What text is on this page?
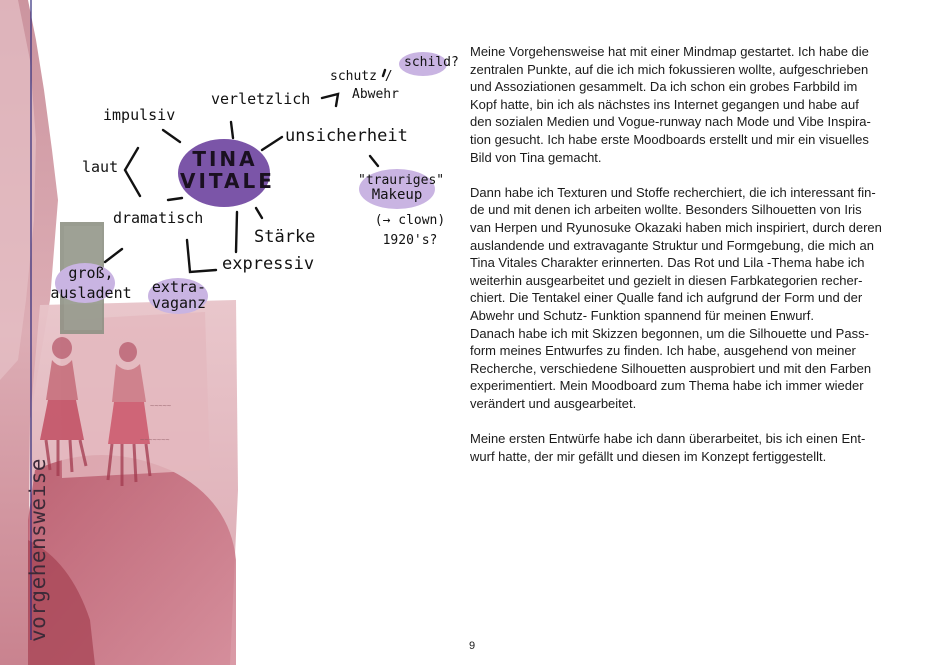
~~~~~
~~~~~~~
TINA
VITALE
impulsiv
verletzlich
schutz /
Abwehr
schild?
unsicherheit
laut
dramatisch
"trauriges"
Makeup
(→ clown)
1920's?
Stärke
expressiv
groß,
ausladent	extra-
vaganz
vorgehensweise

Meine Vorgehensweise hat mit einer Mindmap gestartet. Ich habe die
zentralen Punkte, auf die ich mich fokussieren wollte, aufgeschrieben
und Assoziationen gesammelt. Da ich schon ein grobes Farbbild im
Kopf hatte, bin ich als nächstes ins Internet gegangen und habe auf
den sozialen Medien und Vogue-runway nach Mode und Vibe Inspira-
tion gesucht. Ich habe erste Moodboards erstellt und mir ein visuelles
Bild von Tina gemacht.

Dann habe ich Texturen und Stoffe recherchiert, die ich interessant fin-
de und mit denen ich arbeiten wollte. Besonders Silhouetten von Iris
van Herpen und Ryunosuke Okazaki haben mich inspiriert, durch deren
auslandende und extravagante Struktur und Formgebung, die mich an
Tina Vitales Charakter erinnerten. Das Rot und Lila -Thema habe ich
weiterhin ausgearbeitet und gezielt in diesen Farbkategorien recher-
chiert. Die Tentakel einer Qualle fand ich aufgrund der Form und der
Abwehr und Schutz- Funktion spannend für meinen Enwurf.

Danach habe ich mit Skizzen begonnen, um die Silhouette und Pass-
form meines Entwurfes zu finden. Ich habe, ausgehend von meiner
Recherche, verschiedene Silhouetten ausprobiert und mit den Farben
experimentiert. Mein Moodboard zum Thema habe ich immer wieder
verändert und ausgearbeitet.

Meine ersten Entwürfe habe ich dann überarbeitet, bis ich einen Ent-
wurf hatte, der mir gefällt und diesen im Konzept fertiggestellt.

9
